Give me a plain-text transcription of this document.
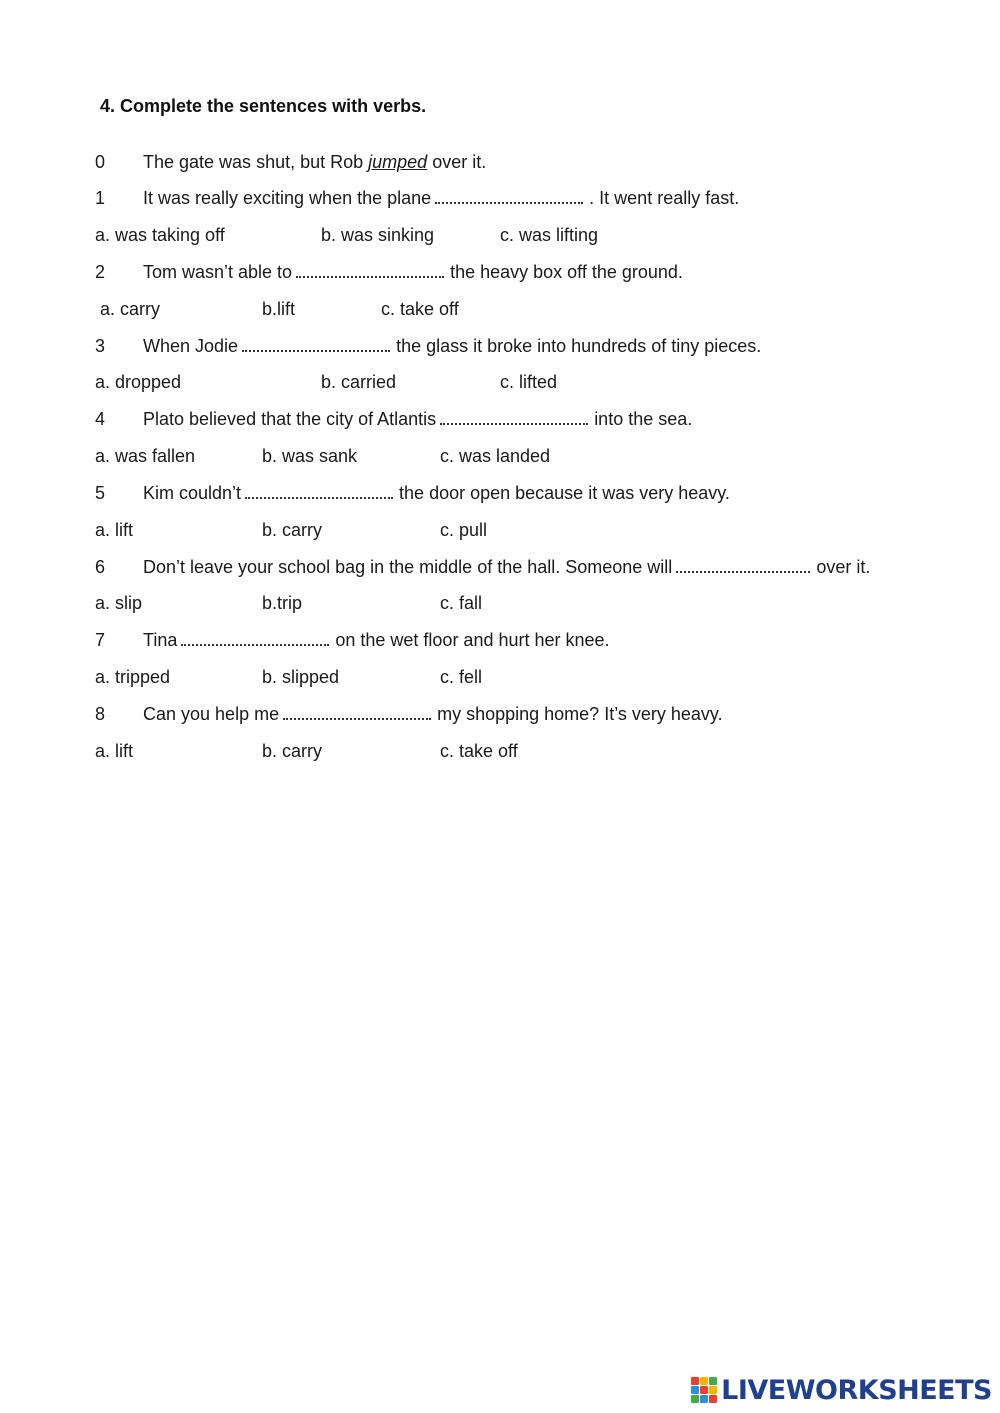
4. Complete the sentences with verbs.
0 The gate was shut, but Rob jumped over it.
1 It was really exciting when the plane	. It went really fast.
a. was taking off	b. was sinking	c. was lifting
2 Tom wasn’t able to	the heavy box off the ground.
a. carry	b.lift	c. take off
3 When Jodie	the glass it broke into hundreds of tiny pieces.
a. dropped	b. carried	c. lifted
4 Plato believed that the city of Atlantis	into the sea.
a. was fallen	b. was sank	c. was landed
5 Kim couldn’t	the door open because it was very heavy.
a. lift	b. carry	c. pull
6 Don’t leave your school bag in the middle of the hall. Someone will	over it.
a. slip	b.trip	c. fall
7 Tina	on the wet floor and hurt her knee.
a. tripped	b. slipped	c. fell
8 Can you help me	my shopping home? It’s very heavy.
a. lift	b. carry	c. take off
LIVEWORKSHEETS
